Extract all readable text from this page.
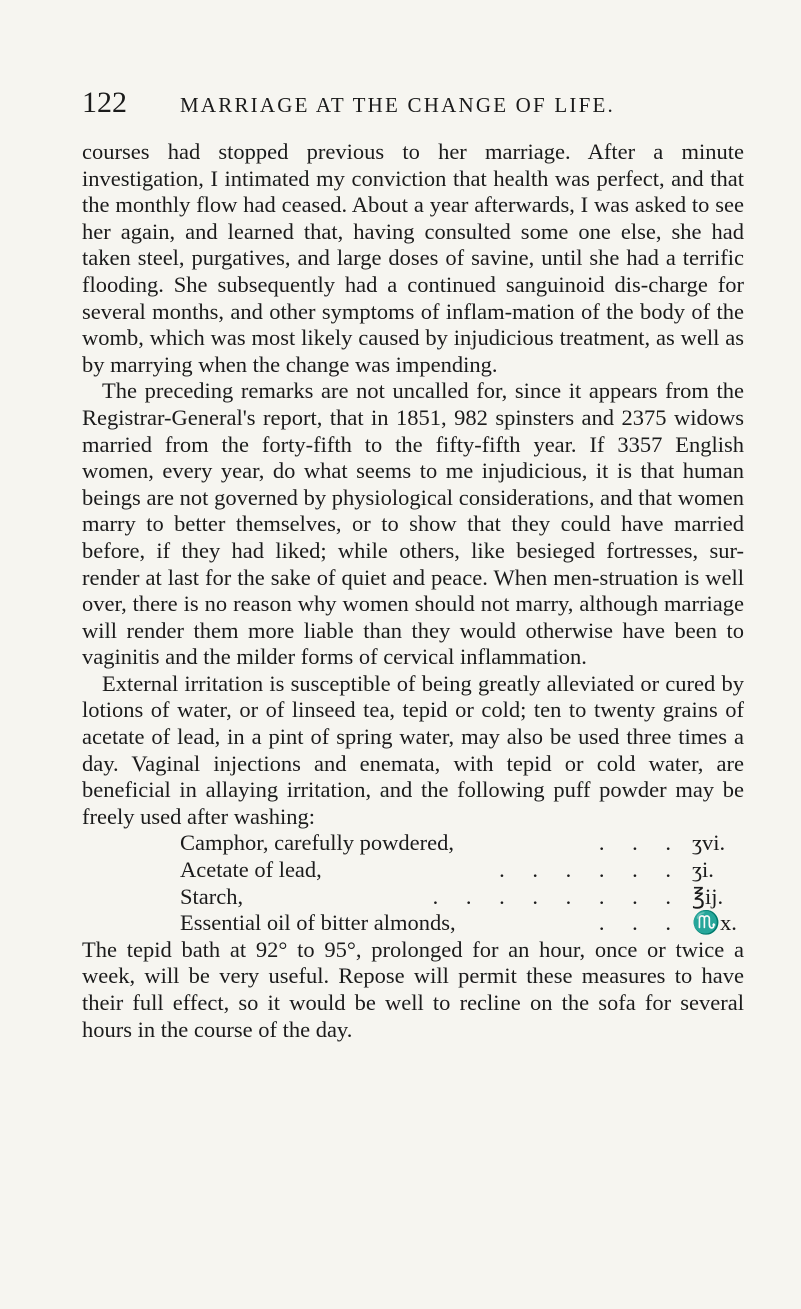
122	MARRIAGE AT THE CHANGE OF LIFE.

courses had stopped previous to her marriage. After a minute investigation, I intimated my conviction that health was perfect, and that the monthly flow had ceased. About a year afterwards, I was asked to see her again, and learned that, having consulted some one else, she had taken steel, purgatives, and large doses of savine, until she had a terrific flooding. She subsequently had a continued sanguinoid dis-charge for several months, and other symptoms of inflam-mation of the body of the womb, which was most likely caused by injudicious treatment, as well as by marrying when the change was impending.

The preceding remarks are not uncalled for, since it appears from the Registrar-General's report, that in 1851, 982 spinsters and 2375 widows married from the forty-fifth to the fifty-fifth year. If 3357 English women, every year, do what seems to me injudicious, it is that human beings are not governed by physiological considerations, and that women marry to better themselves, or to show that they could have married before, if they had liked; while others, like besieged fortresses, sur-render at last for the sake of quiet and peace. When men-struation is well over, there is no reason why women should not marry, although marriage will render them more liable than they would otherwise have been to vaginitis and the milder forms of cervical inflammation.

External irritation is susceptible of being greatly alleviated or cured by lotions of water, or of linseed tea, tepid or cold; ten to twenty grains of acetate of lead, in a pint of spring water, may also be used three times a day. Vaginal injections and enemata, with tepid or cold water, are beneficial in allaying irritation, and the following puff powder may be freely used after washing:

Camphor, carefully powdered,	. . . ʒvi.
Acetate of lead,	. . . . . . ʒi.
Starch,	. . . . . . . . ℥ij.
Essential oil of bitter almonds,	. . . ♏x.

The tepid bath at 92° to 95°, prolonged for an hour, once or twice a week, will be very useful. Repose will permit these measures to have their full effect, so it would be well to recline on the sofa for several hours in the course of the day.
